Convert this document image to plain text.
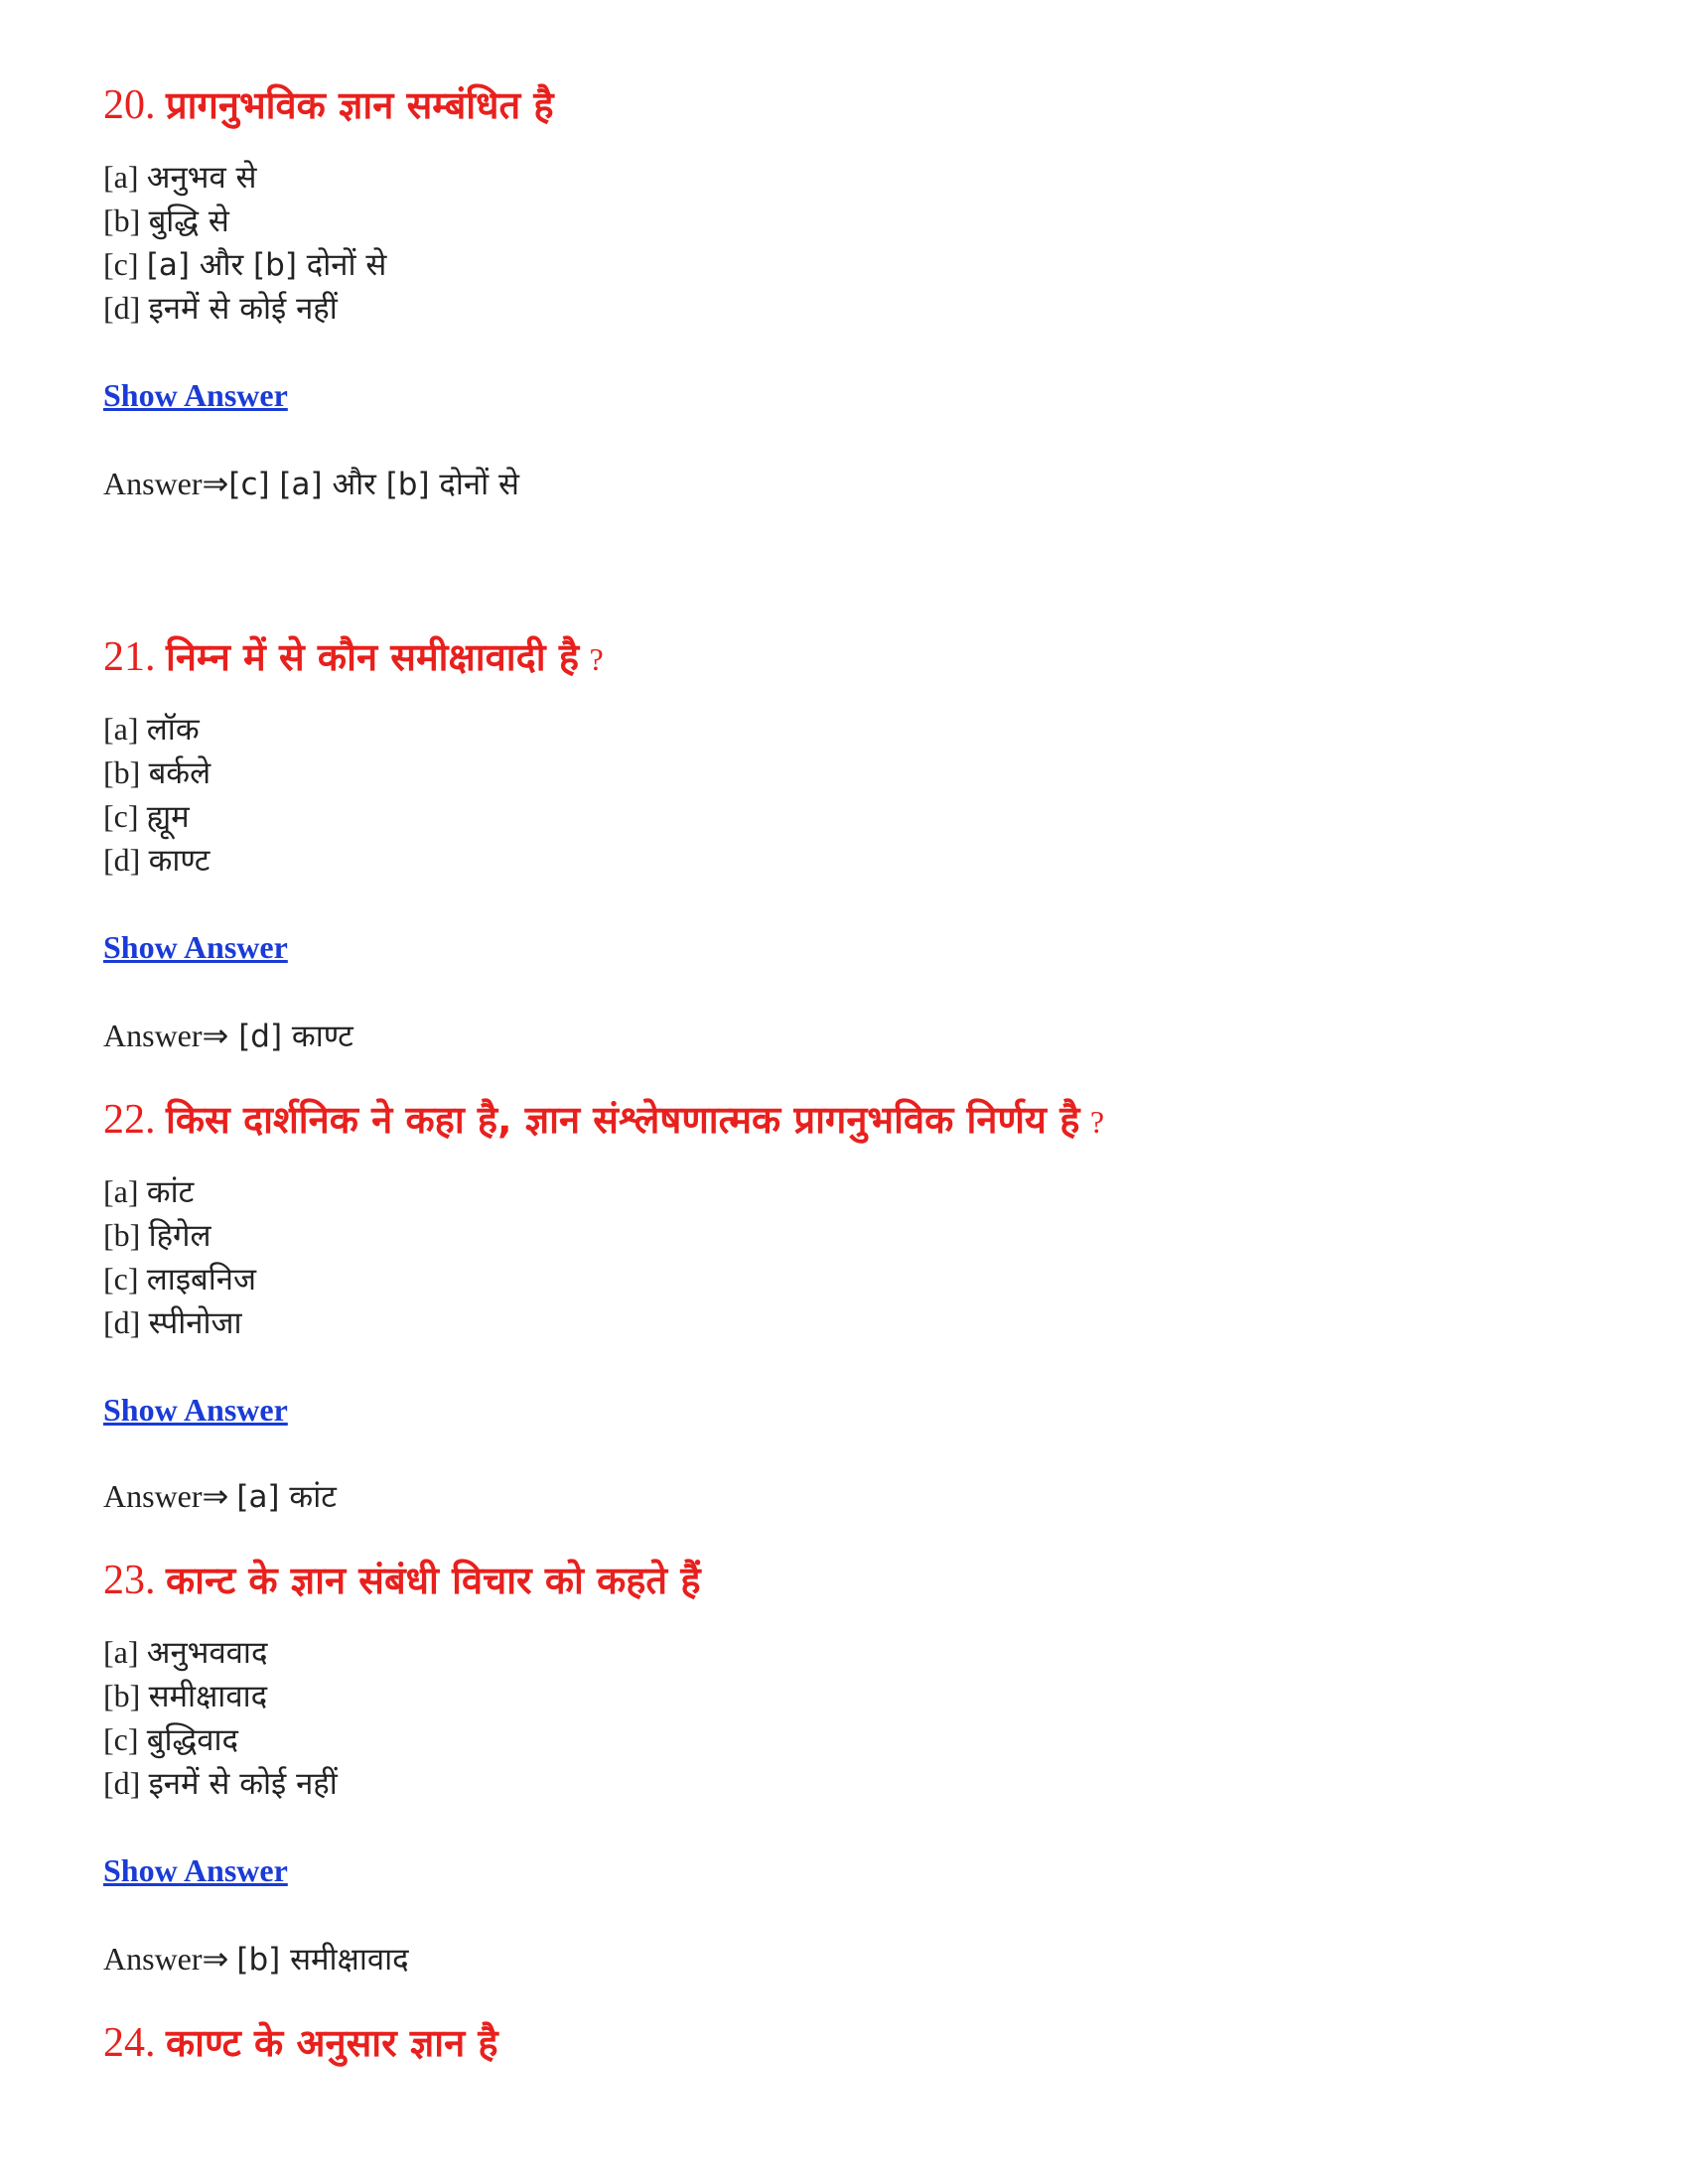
20. प्रागनुभविक ज्ञान सम्बंधित है
[a] अनुभव से
[b] बुद्धि से
[c] [a] और [b] दोनों से
[d] इनमें से कोई नहीं
Show Answer
Answer⇒[c] [a] और [b] दोनों से
21. निम्न में से कौन समीक्षावादी है ?
[a] लॉक
[b] बर्कले
[c] ह्यूम
[d] काण्ट
Show Answer
Answer⇒ [d] काण्ट
22. किस दार्शनिक ने कहा है, ज्ञान संश्लेषणात्मक प्रागनुभविक निर्णय है ?
[a] कांट
[b] हिगेल
[c] लाइबनिज
[d] स्पीनोजा
Show Answer
Answer⇒ [a] कांट
23. कान्ट के ज्ञान संबंधी विचार को कहते हैं
[a] अनुभववाद
[b] समीक्षावाद
[c] बुद्धिवाद
[d] इनमें से कोई नहीं
Show Answer
Answer⇒ [b] समीक्षावाद
24. काण्ट के अनुसार ज्ञान है
